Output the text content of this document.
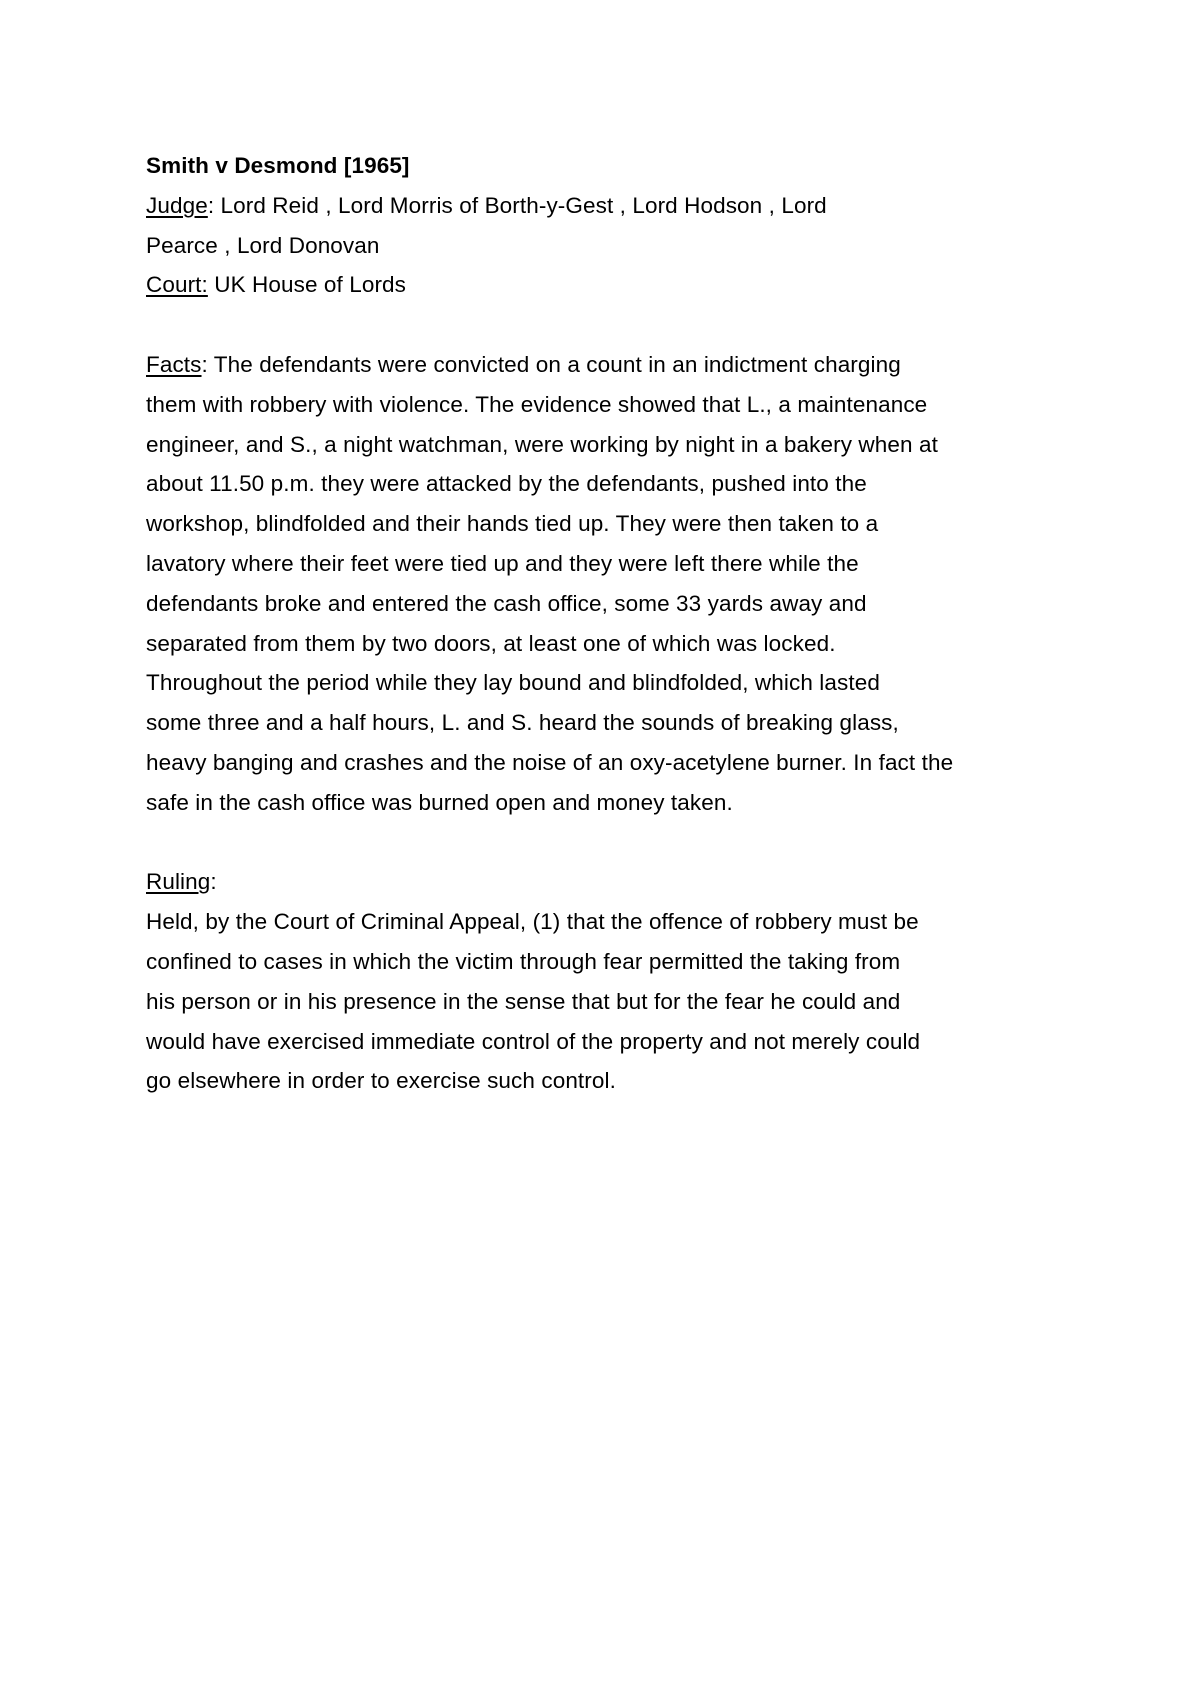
Smith v Desmond [1965]
Judge: Lord Reid , Lord Morris of Borth-y-Gest , Lord Hodson , Lord
Pearce , Lord Donovan
Court: UK House of Lords
Facts: The defendants were convicted on a count in an indictment charging
them with robbery with violence. The evidence showed that L., a maintenance
engineer, and S., a night watchman, were working by night in a bakery when at
about 11.50 p.m. they were attacked by the defendants, pushed into the
workshop, blindfolded and their hands tied up. They were then taken to a
lavatory where their feet were tied up and they were left there while the
defendants broke and entered the cash office, some 33 yards away and
separated from them by two doors, at least one of which was locked.
Throughout the period while they lay bound and blindfolded, which lasted
some three and a half hours, L. and S. heard the sounds of breaking glass,
heavy banging and crashes and the noise of an oxy-acetylene burner. In fact the
safe in the cash office was burned open and money taken.
Ruling:
Held, by the Court of Criminal Appeal, (1) that the offence of robbery must be
confined to cases in which the victim through fear permitted the taking from
his person or in his presence in the sense that but for the fear he could and
would have exercised immediate control of the property and not merely could
go elsewhere in order to exercise such control.
